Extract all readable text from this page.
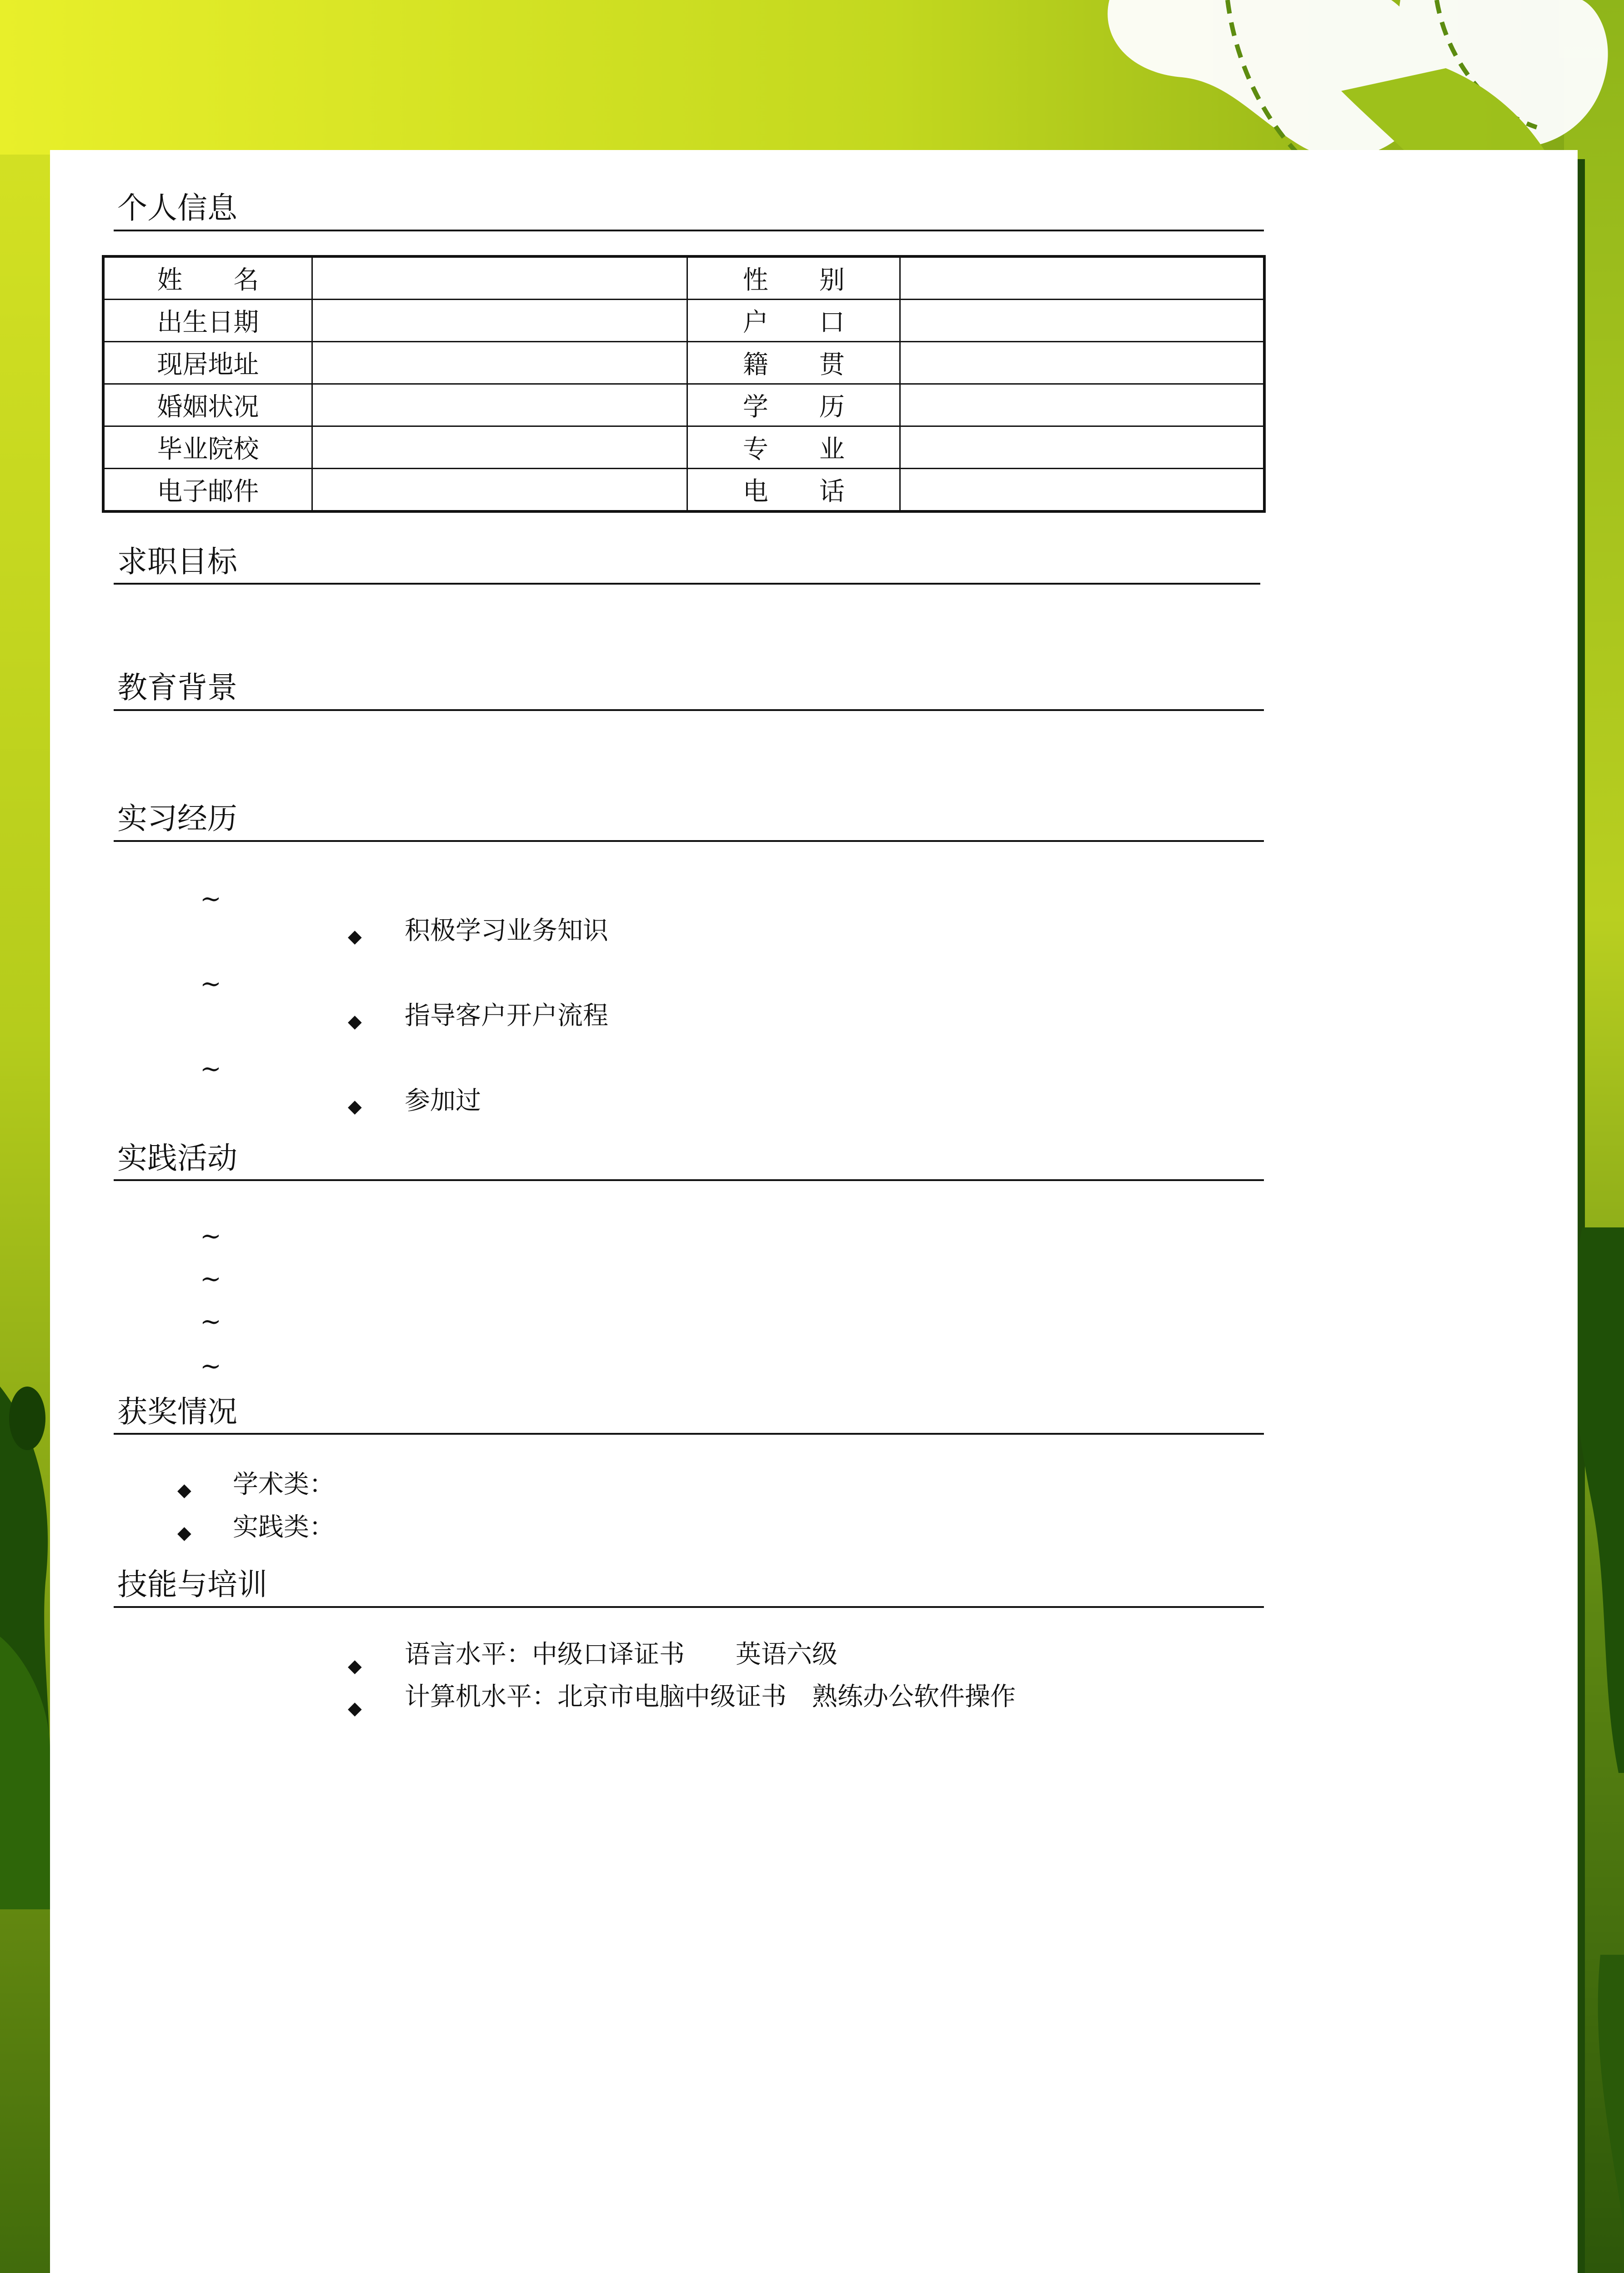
个人信息
姓　　名		性　　别	
出生日期		户　　口	
现居地址		籍　　贯	
婚姻状况		学　　历	
毕业院校		专　　业	
电子邮件		电　　话	
求职目标
教育背景
实习经历
~
◆ 积极学习业务知识
~
◆ 指导客户开户流程
~
◆ 参加过
实践活动
~
~
~
~
获奖情况
◆ 学术类：
◆ 实践类：
技能与培训
◆ 语言水平：中级口译证书　　英语六级
◆ 计算机水平：北京市电脑中级证书　熟练办公软件操作
